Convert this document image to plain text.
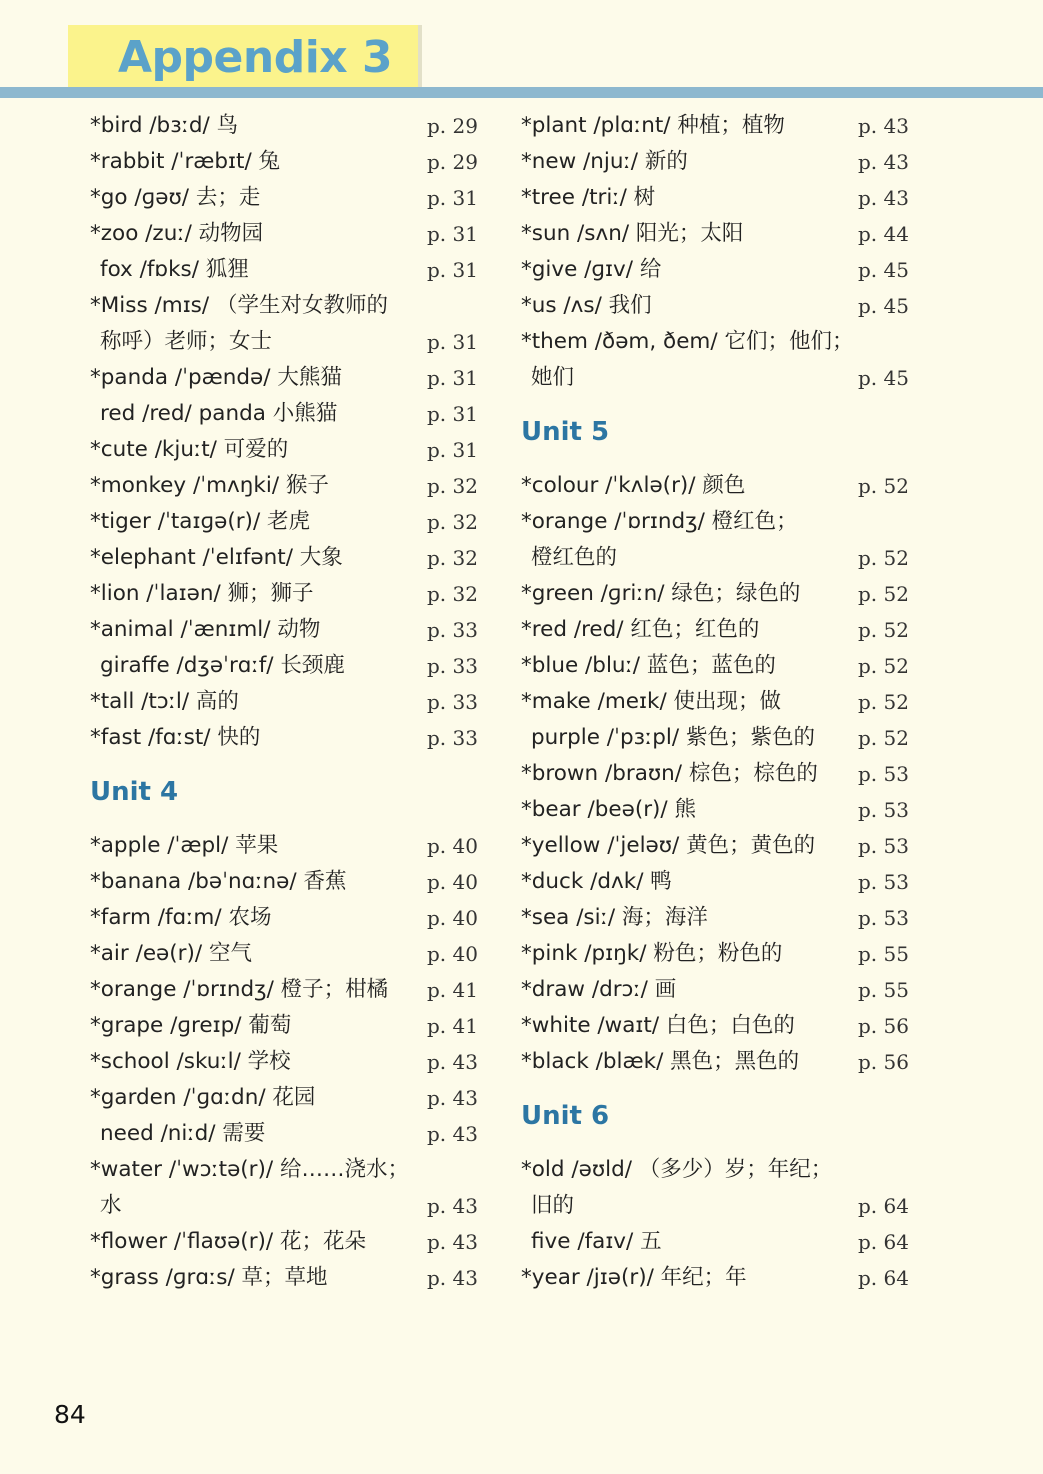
Appendix 3
*bird /bɜːd/ 鸟	p. 29
*rabbit /ˈræbɪt/ 兔	p. 29
*go /ɡəʊ/ 去；走	p. 31
*zoo /zuː/ 动物园	p. 31
fox /fɒks/ 狐狸	p. 31
*Miss /mɪs/ （学生对女教师的
称呼）老师；女士	p. 31
*panda /ˈpændə/ 大熊猫	p. 31
red /red/ panda 小熊猫	p. 31
*cute /kjuːt/ 可爱的	p. 31
*monkey /ˈmʌŋki/ 猴子	p. 32
*tiger /ˈtaɪɡə(r)/ 老虎	p. 32
*elephant /ˈelɪfənt/ 大象	p. 32
*lion /ˈlaɪən/ 狮；狮子	p. 32
*animal /ˈænɪml/ 动物	p. 33
giraffe /dʒəˈrɑːf/ 长颈鹿	p. 33
*tall /tɔːl/ 高的	p. 33
*fast /fɑːst/ 快的	p. 33
Unit 4
*apple /ˈæpl/ 苹果	p. 40
*banana /bəˈnɑːnə/ 香蕉	p. 40
*farm /fɑːm/ 农场	p. 40
*air /eə(r)/ 空气	p. 40
*orange /ˈɒrɪndʒ/ 橙子；柑橘	p. 41
*grape /ɡreɪp/ 葡萄	p. 41
*school /skuːl/ 学校	p. 43
*garden /ˈɡɑːdn/ 花园	p. 43
need /niːd/ 需要	p. 43
*water /ˈwɔːtə(r)/ 给……浇水；
水	p. 43
*flower /ˈflaʊə(r)/ 花；花朵	p. 43
*grass /ɡrɑːs/ 草；草地	p. 43
*plant /plɑːnt/ 种植；植物	p. 43
*new /njuː/ 新的	p. 43
*tree /triː/ 树	p. 43
*sun /sʌn/ 阳光；太阳	p. 44
*give /ɡɪv/ 给	p. 45
*us /ʌs/ 我们	p. 45
*them /ðəm, ðem/ 它们；他们；
她们	p. 45
Unit 5
*colour /ˈkʌlə(r)/ 颜色	p. 52
*orange /ˈɒrɪndʒ/ 橙红色；
橙红色的	p. 52
*green /ɡriːn/ 绿色；绿色的	p. 52
*red /red/ 红色；红色的	p. 52
*blue /bluː/ 蓝色；蓝色的	p. 52
*make /meɪk/ 使出现；做	p. 52
purple /ˈpɜːpl/ 紫色；紫色的	p. 52
*brown /braʊn/ 棕色；棕色的	p. 53
*bear /beə(r)/ 熊	p. 53
*yellow /ˈjeləʊ/ 黄色；黄色的	p. 53
*duck /dʌk/ 鸭	p. 53
*sea /siː/ 海；海洋	p. 53
*pink /pɪŋk/ 粉色；粉色的	p. 55
*draw /drɔː/ 画	p. 55
*white /waɪt/ 白色；白色的	p. 56
*black /blæk/ 黑色；黑色的	p. 56
Unit 6
*old /əʊld/ （多少）岁；年纪；
旧的	p. 64
five /faɪv/ 五	p. 64
*year /jɪə(r)/ 年纪；年	p. 64
84
